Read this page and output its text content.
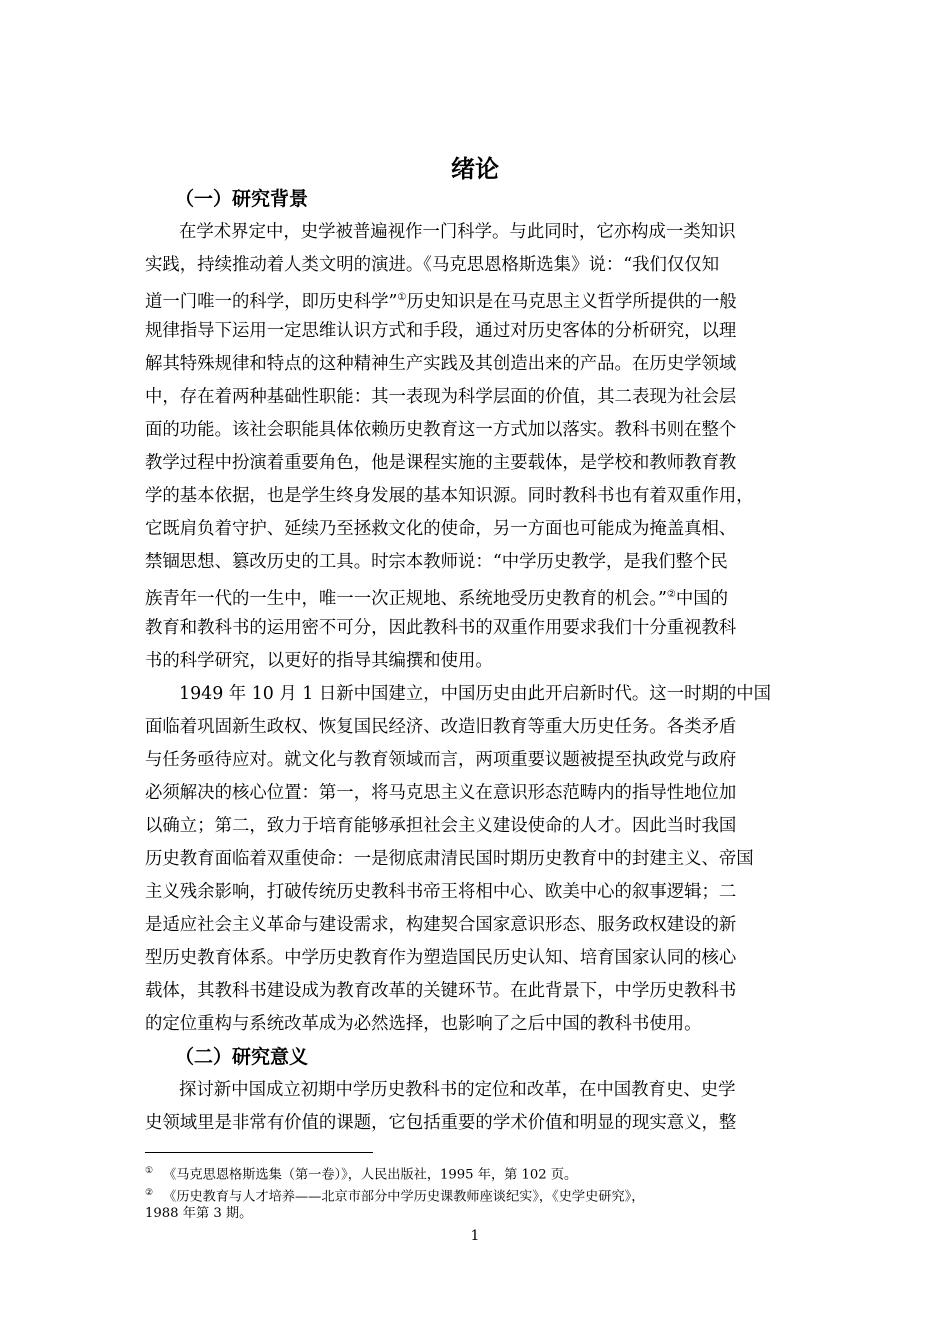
绪论
（一）研究背景
在学术界定中，史学被普遍视作一门科学。与此同时，它亦构成一类知识
实践，持续推动着人类文明的演进。《马克思恩格斯选集》说：“我们仅仅知
道一门唯一的科学，即历史科学”①历史知识是在马克思主义哲学所提供的一般
规律指导下运用一定思维认识方式和手段，通过对历史客体的分析研究，以理
解其特殊规律和特点的这种精神生产实践及其创造出来的产品。在历史学领域
中，存在着两种基础性职能：其一表现为科学层面的价值，其二表现为社会层
面的功能。该社会职能具体依赖历史教育这一方式加以落实。教科书则在整个
教学过程中扮演着重要角色，他是课程实施的主要载体，是学校和教师教育教
学的基本依据，也是学生终身发展的基本知识源。同时教科书也有着双重作用，
它既肩负着守护、延续乃至拯救文化的使命，另一方面也可能成为掩盖真相、
禁锢思想、篡改历史的工具。时宗本教师说：“中学历史教学，是我们整个民
族青年一代的一生中，唯一一次正规地、系统地受历史教育的机会。”②中国的
教育和教科书的运用密不可分，因此教科书的双重作用要求我们十分重视教科
书的科学研究，以更好的指导其编撰和使用。
1949 年 10 月 1 日新中国建立，中国历史由此开启新时代。这一时期的中国
面临着巩固新生政权、恢复国民经济、改造旧教育等重大历史任务。各类矛盾
与任务亟待应对。就文化与教育领域而言，两项重要议题被提至执政党与政府
必须解决的核心位置：第一，将马克思主义在意识形态范畴内的指导性地位加
以确立；第二，致力于培育能够承担社会主义建设使命的人才。因此当时我国
历史教育面临着双重使命：一是彻底肃清民国时期历史教育中的封建主义、帝国
主义残余影响，打破传统历史教科书帝王将相中心、欧美中心的叙事逻辑；二
是适应社会主义革命与建设需求，构建契合国家意识形态、服务政权建设的新
型历史教育体系。中学历史教育作为塑造国民历史认知、培育国家认同的核心
载体，其教科书建设成为教育改革的关键环节。在此背景下，中学历史教科书
的定位重构与系统改革成为必然选择，也影响了之后中国的教科书使用。
（二）研究意义
探讨新中国成立初期中学历史教科书的定位和改革，在中国教育史、史学
史领域里是非常有价值的课题，它包括重要的学术价值和明显的现实意义，整
① 《马克思恩格斯选集（第一卷）》，人民出版社，1995 年，第 102 页。
② 《历史教育与人才培养——北京市部分中学历史课教师座谈纪实》，《史学史研究》，
1988 年第 3 期。
1
